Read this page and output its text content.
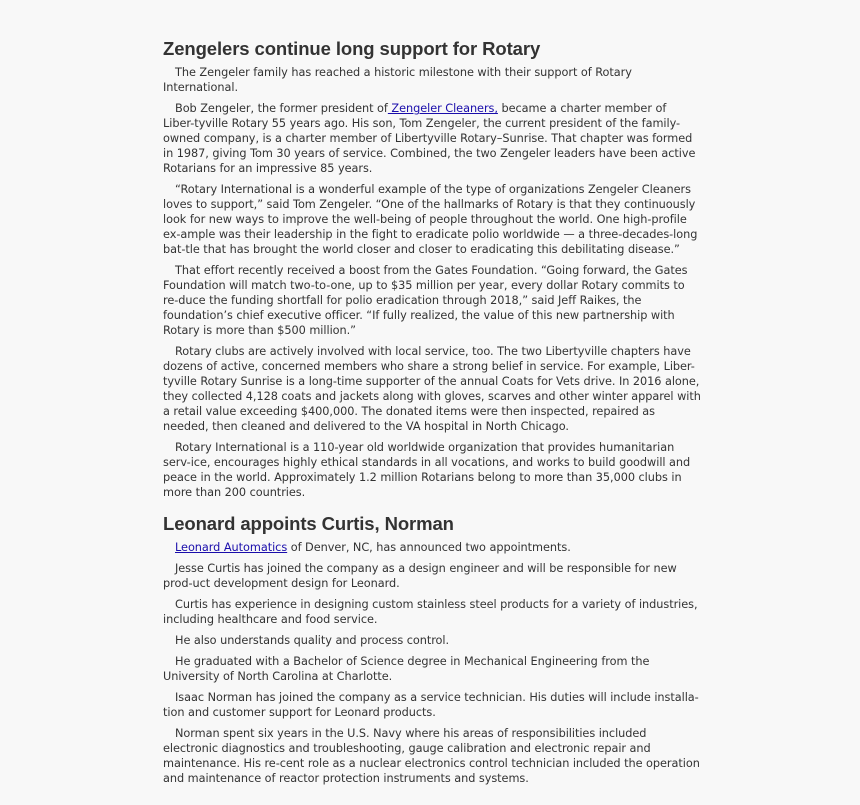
Zengelers continue long support for Rotary

The Zengeler family has reached a historic milestone with their support of Rotary International.

Bob Zengeler, the former president of Zengeler Cleaners, became a charter member of Liber-tyville Rotary 55 years ago. His son, Tom Zengeler, the current president of the family-owned company, is a charter member of Libertyville Rotary–Sunrise. That chapter was formed in 1987, giving Tom 30 years of service. Combined, the two Zengeler leaders have been active Rotarians for an impressive 85 years.

“Rotary International is a wonderful example of the type of organizations Zengeler Cleaners loves to support,” said Tom Zengeler. “One of the hallmarks of Rotary is that they continuously look for new ways to improve the well-being of people throughout the world. One high-profile ex-ample was their leadership in the fight to eradicate polio worldwide — a three-decades-long bat-tle that has brought the world closer and closer to eradicating this debilitating disease.”

That effort recently received a boost from the Gates Foundation. “Going forward, the Gates Foundation will match two-to-one, up to $35 million per year, every dollar Rotary commits to re-duce the funding shortfall for polio eradication through 2018,” said Jeff Raikes, the foundation’s chief executive officer. “If fully realized, the value of this new partnership with Rotary is more than $500 million.”

Rotary clubs are actively involved with local service, too. The two Libertyville chapters have dozens of active, concerned members who share a strong belief in service. For example, Liber-tyville Rotary Sunrise is a long-time supporter of the annual Coats for Vets drive. In 2016 alone, they collected 4,128 coats and jackets along with gloves, scarves and other winter apparel with a retail value exceeding $400,000. The donated items were then inspected, repaired as needed, then cleaned and delivered to the VA hospital in North Chicago.

Rotary International is a 110-year old worldwide organization that provides humanitarian serv-ice, encourages highly ethical standards in all vocations, and works to build goodwill and peace in the world. Approximately 1.2 million Rotarians belong to more than 35,000 clubs in more than 200 countries.

Leonard appoints Curtis, Norman

Leonard Automatics of Denver, NC, has announced two appointments.

Jesse Curtis has joined the company as a design engineer and will be responsible for new prod-uct development design for Leonard.

Curtis has experience in designing custom stainless steel products for a variety of industries, including healthcare and food service.

He also understands quality and process control.

He graduated with a Bachelor of Science degree in Mechanical Engineering from the University of North Carolina at Charlotte.

Isaac Norman has joined the company as a service technician. His duties will include installa-tion and customer support for Leonard products.

Norman spent six years in the U.S. Navy where his areas of responsibilities included electronic diagnostics and troubleshooting, gauge calibration and electronic repair and maintenance. His re-cent role as a nuclear electronics control technician included the operation and maintenance of reactor protection instruments and systems.
